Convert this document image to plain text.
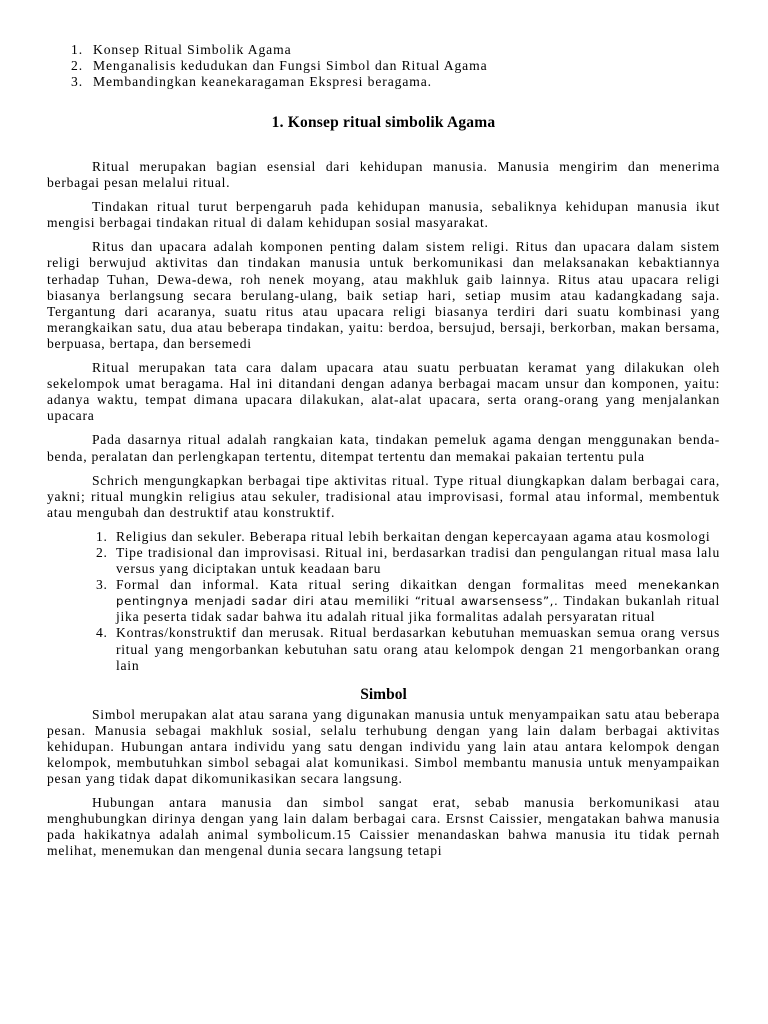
1. Konsep Ritual Simbolik Agama
2. Menganalisis kedudukan dan Fungsi Simbol dan Ritual Agama
3. Membandingkan keanekaragaman Ekspresi beragama.
1. Konsep ritual simbolik Agama

Ritual merupakan bagian esensial dari kehidupan manusia. Manusia mengirim dan menerima berbagai pesan melalui ritual.

Tindakan ritual turut berpengaruh pada kehidupan manusia, sebaliknya kehidupan manusia ikut mengisi berbagai tindakan ritual di dalam kehidupan sosial masyarakat.

Ritus dan upacara adalah komponen penting dalam sistem religi. Ritus dan upacara dalam sistem religi berwujud aktivitas dan tindakan manusia untuk berkomunikasi dan melaksanakan kebaktiannya terhadap Tuhan, Dewa-dewa, roh nenek moyang, atau makhluk gaib lainnya. Ritus atau upacara religi biasanya berlangsung secara berulang-ulang, baik setiap hari, setiap musim atau kadangkadang saja. Tergantung dari acaranya, suatu ritus atau upacara religi biasanya terdiri dari suatu kombinasi yang merangkaikan satu, dua atau beberapa tindakan, yaitu: berdoa, bersujud, bersaji, berkorban, makan bersama, berpuasa, bertapa, dan bersemedi

Ritual merupakan tata cara dalam upacara atau suatu perbuatan keramat yang dilakukan oleh sekelompok umat beragama. Hal ini ditandani dengan adanya berbagai macam unsur dan komponen, yaitu: adanya waktu, tempat dimana upacara dilakukan, alat-alat upacara, serta orang-orang yang menjalankan upacara

Pada dasarnya ritual adalah rangkaian kata, tindakan pemeluk agama dengan menggunakan benda-benda, peralatan dan perlengkapan tertentu, ditempat tertentu dan memakai pakaian tertentu pula

Schrich mengungkapkan berbagai tipe aktivitas ritual. Type ritual diungkapkan dalam berbagai cara, yakni; ritual mungkin religius atau sekuler, tradisional atau improvisasi, formal atau informal, membentuk atau mengubah dan destruktif atau konstruktif.

1. Religius dan sekuler. Beberapa ritual lebih berkaitan dengan kepercayaan agama atau kosmologi
2. Tipe tradisional dan improvisasi. Ritual ini, berdasarkan tradisi dan pengulangan ritual masa lalu versus yang diciptakan untuk keadaan baru
3. Formal dan informal. Kata ritual sering dikaitkan dengan formalitas meed menekankan pentingnya menjadi sadar diri atau memiliki “ritual awarsensess”,. Tindakan bukanlah ritual jika peserta tidak sadar bahwa itu adalah ritual jika formalitas adalah persyaratan ritual
4. Kontras/konstruktif dan merusak. Ritual berdasarkan kebutuhan memuaskan semua orang versus ritual yang mengorbankan kebutuhan satu orang atau kelompok dengan 21 mengorbankan orang lain
Simbol

Simbol merupakan alat atau sarana yang digunakan manusia untuk menyampaikan satu atau beberapa pesan. Manusia sebagai makhluk sosial, selalu terhubung dengan yang lain dalam berbagai aktivitas kehidupan. Hubungan antara individu yang satu dengan individu yang lain atau antara kelompok dengan kelompok, membutuhkan simbol sebagai alat komunikasi. Simbol membantu manusia untuk menyampaikan pesan yang tidak dapat dikomunikasikan secara langsung.

Hubungan antara manusia dan simbol sangat erat, sebab manusia berkomunikasi atau menghubungkan dirinya dengan yang lain dalam berbagai cara. Ersnst Caissier, mengatakan bahwa manusia pada hakikatnya adalah animal symbolicum.15 Caissier menandaskan bahwa manusia itu tidak pernah melihat, menemukan dan mengenal dunia secara langsung tetapi
